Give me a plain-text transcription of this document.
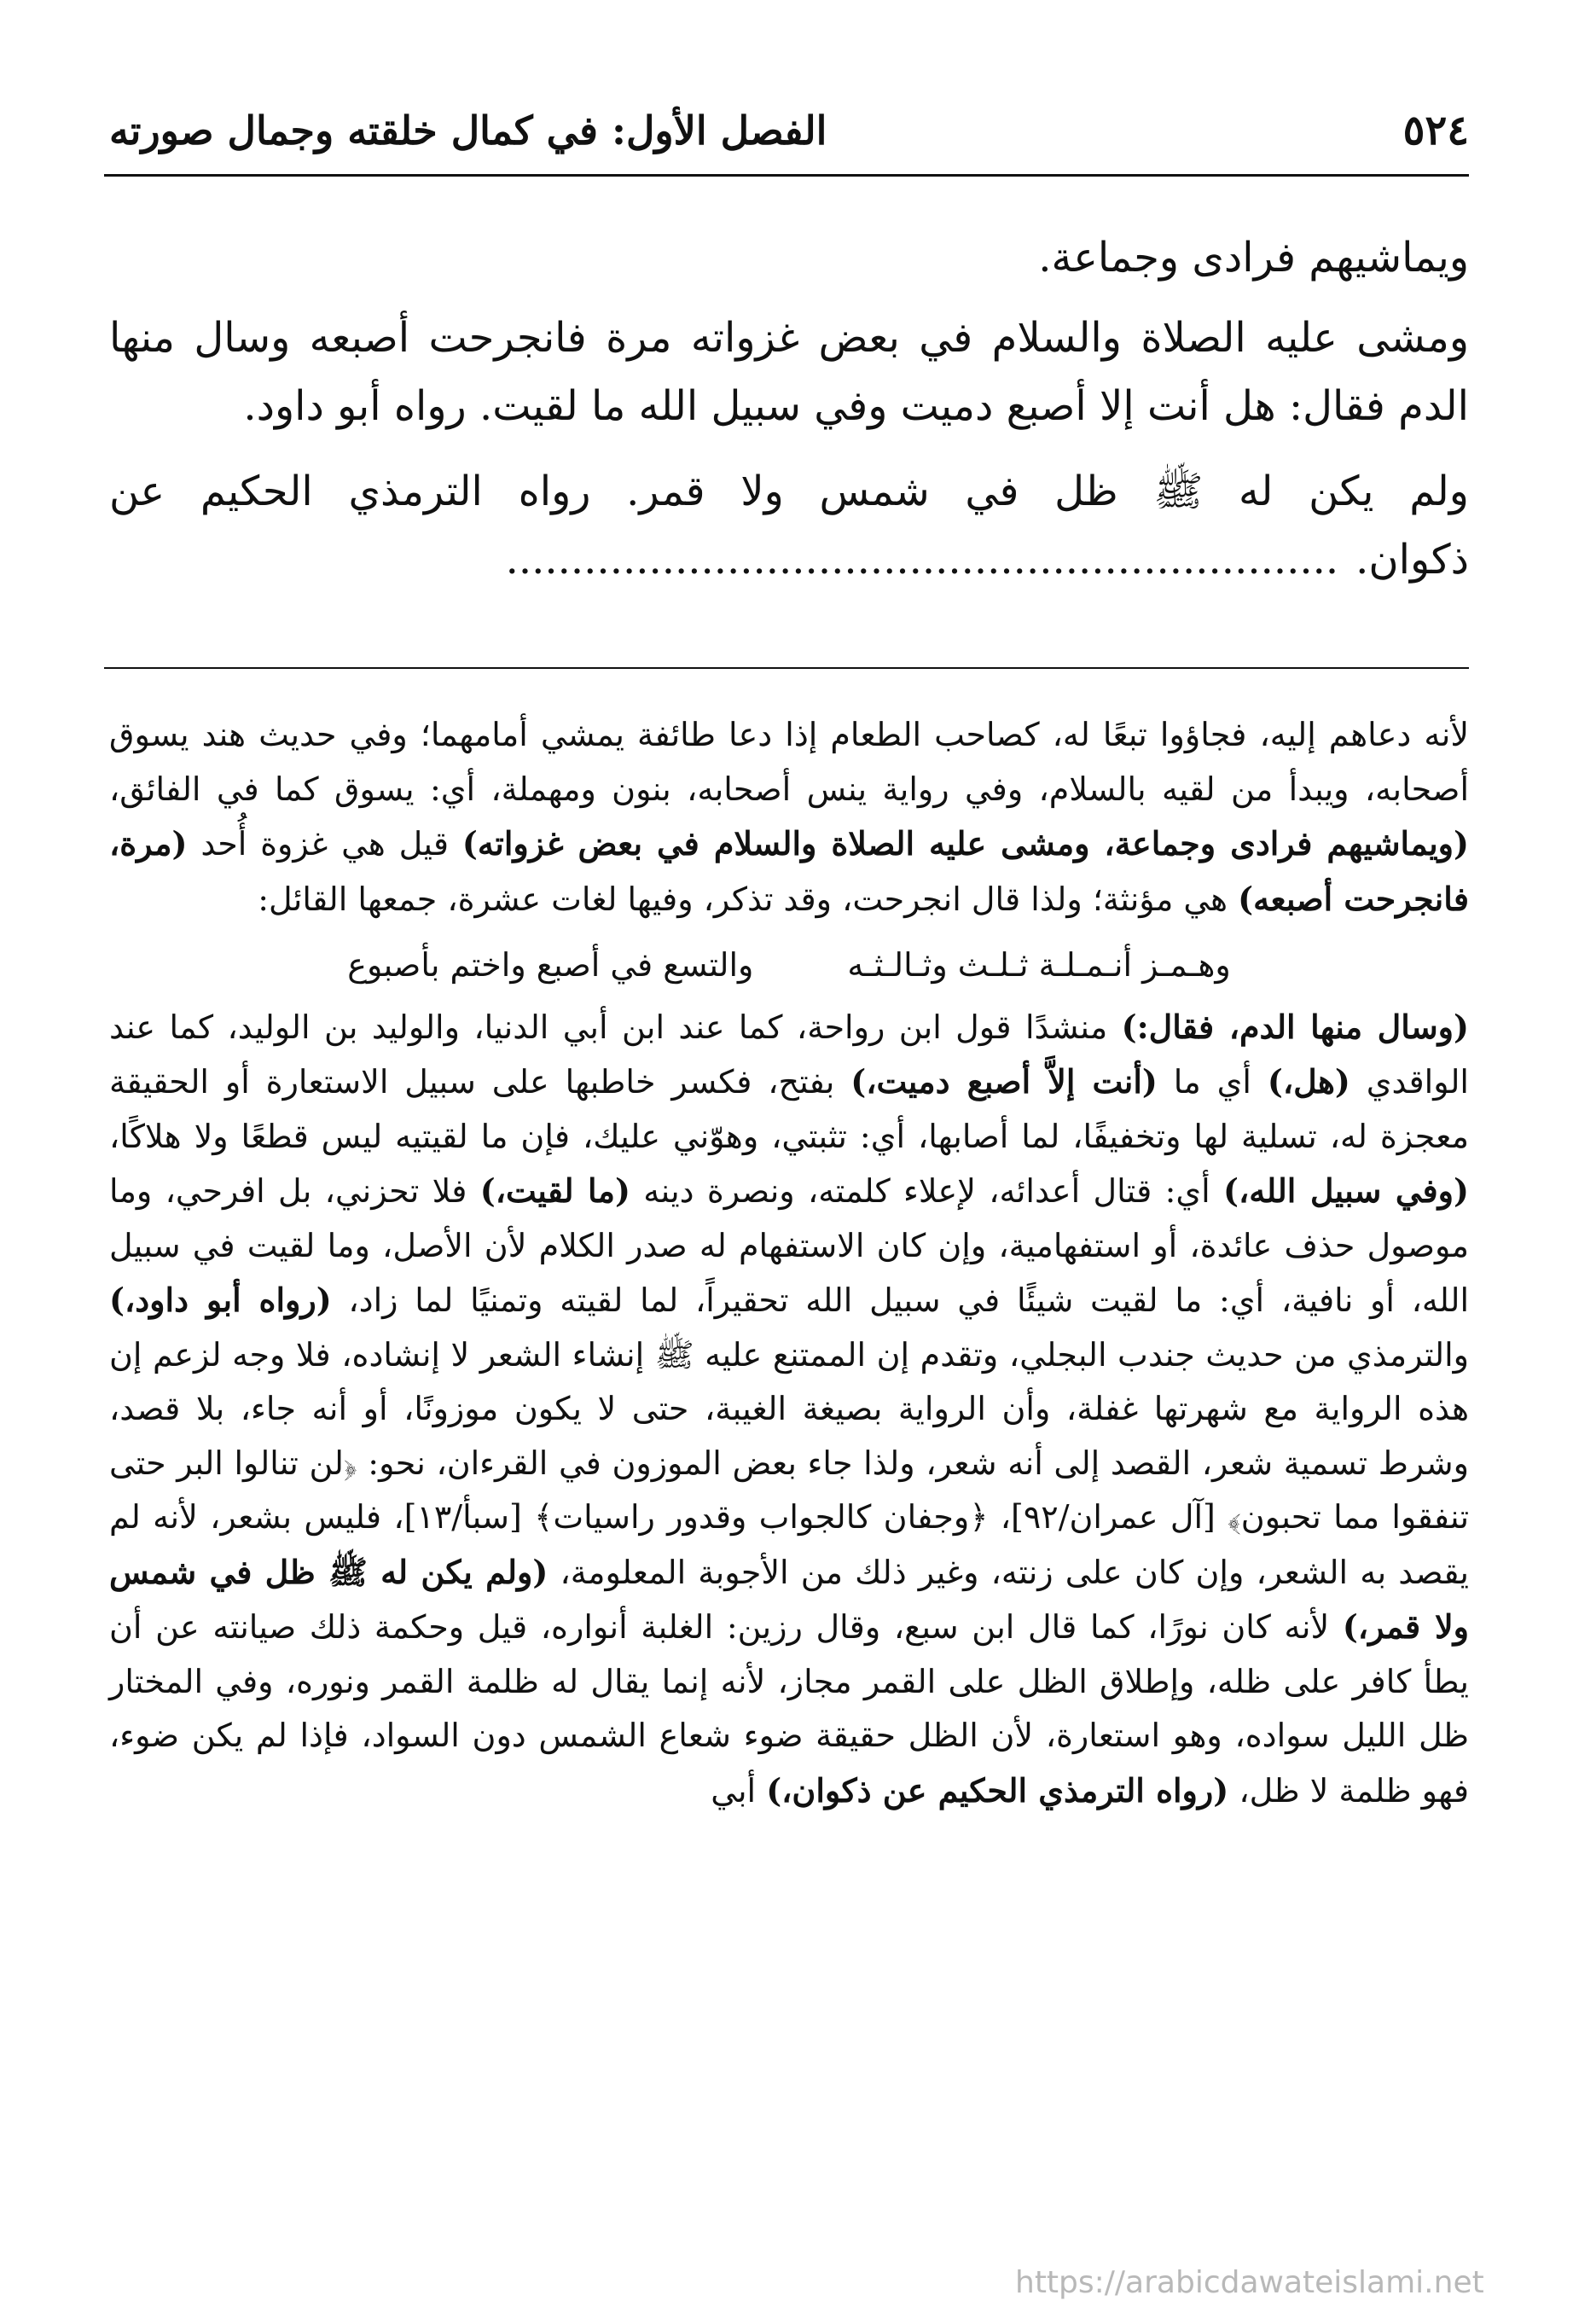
٥٢٤
الفصل الأول: في كمال خلقته وجمال صورته

ويماشيهم فرادى وجماعة.

ومشى عليه الصلاة والسلام في بعض غزواته مرة فانجرحت أصبعه وسال منها الدم فقال: هل أنت إلا أصبع دميت وفي سبيل الله ما لقيت. رواه أبو داود.

ولم يكن له ﷺ ظل في شمس ولا قمر. رواه الترمذي الحكيم عن ذكوان.................................................................

لأنه دعاهم إليه، فجاؤوا تبعًا له، كصاحب الطعام إذا دعا طائفة يمشي أمامهما؛ وفي حديث هند يسوق أصحابه، ويبدأ من لقيه بالسلام، وفي رواية ينس أصحابه، بنون ومهملة، أي: يسوق كما في الفائق، (ويماشيهم فرادى وجماعة، ومشى عليه الصلاة والسلام في بعض غزواته) قيل هي غزوة أُحد (مرة، فانجرحت أصبعه) هي مؤنثة؛ ولذا قال انجرحت، وقد تذكر، وفيها لغات عشرة، جمعها القائل:

وهـمـز أنـمـلـة ثـلـث وثـالـثـه
والتسع في أصبع واختم بأصبوع

(وسال منها الدم، فقال:) منشدًا قول ابن رواحة، كما عند ابن أبي الدنيا، والوليد بن الوليد، كما عند الواقدي (هل،) أي ما (أنت إلاَّ أصبع دميت،) بفتح، فكسر خاطبها على سبيل الاستعارة أو الحقيقة معجزة له، تسلية لها وتخفيفًا، لما أصابها، أي: تثبتي، وهوّني عليك، فإن ما لقيتيه ليس قطعًا ولا هلاكًا، (وفي سبيل الله،) أي: قتال أعدائه، لإعلاء كلمته، ونصرة دينه (ما لقيت،) فلا تحزني، بل افرحي، وما موصول حذف عائدة، أو استفهامية، وإن كان الاستفهام له صدر الكلام لأن الأصل، وما لقيت في سبيل الله، أو نافية، أي: ما لقيت شيئًا في سبيل الله تحقيراً، لما لقيته وتمنيًا لما زاد، (رواه أبو داود،) والترمذي من حديث جندب البجلي، وتقدم إن الممتنع عليه ﷺ إنشاء الشعر لا إنشاده، فلا وجه لزعم إن هذه الرواية مع شهرتها غفلة، وأن الرواية بصيغة الغيبة، حتى لا يكون موزونًا، أو أنه جاء، بلا قصد، وشرط تسمية شعر، القصد إلى أنه شعر، ولذا جاء بعض الموزون في القرءان، نحو: ﴿لن تنالوا البر حتى تنفقوا مما تحبون﴾ [آل عمران/٩٢]، ﴿وجفان كالجواب وقدور راسيات﴾ [سبأ/١٣]، فليس بشعر، لأنه لم يقصد به الشعر، وإن كان على زنته، وغير ذلك من الأجوبة المعلومة، (ولم يكن له ﷺ ظل في شمس ولا قمر،) لأنه كان نورًا، كما قال ابن سبع، وقال رزين: الغلبة أنواره، قيل وحكمة ذلك صيانته عن أن يطأ كافر على ظله، وإطلاق الظل على القمر مجاز، لأنه إنما يقال له ظلمة القمر ونوره، وفي المختار ظل الليل سواده، وهو استعارة، لأن الظل حقيقة ضوء شعاع الشمس دون السواد، فإذا لم يكن ضوء، فهو ظلمة لا ظل، (رواه الترمذي الحكيم عن ذكوان،) أبي

https://arabicdawateislami.net
